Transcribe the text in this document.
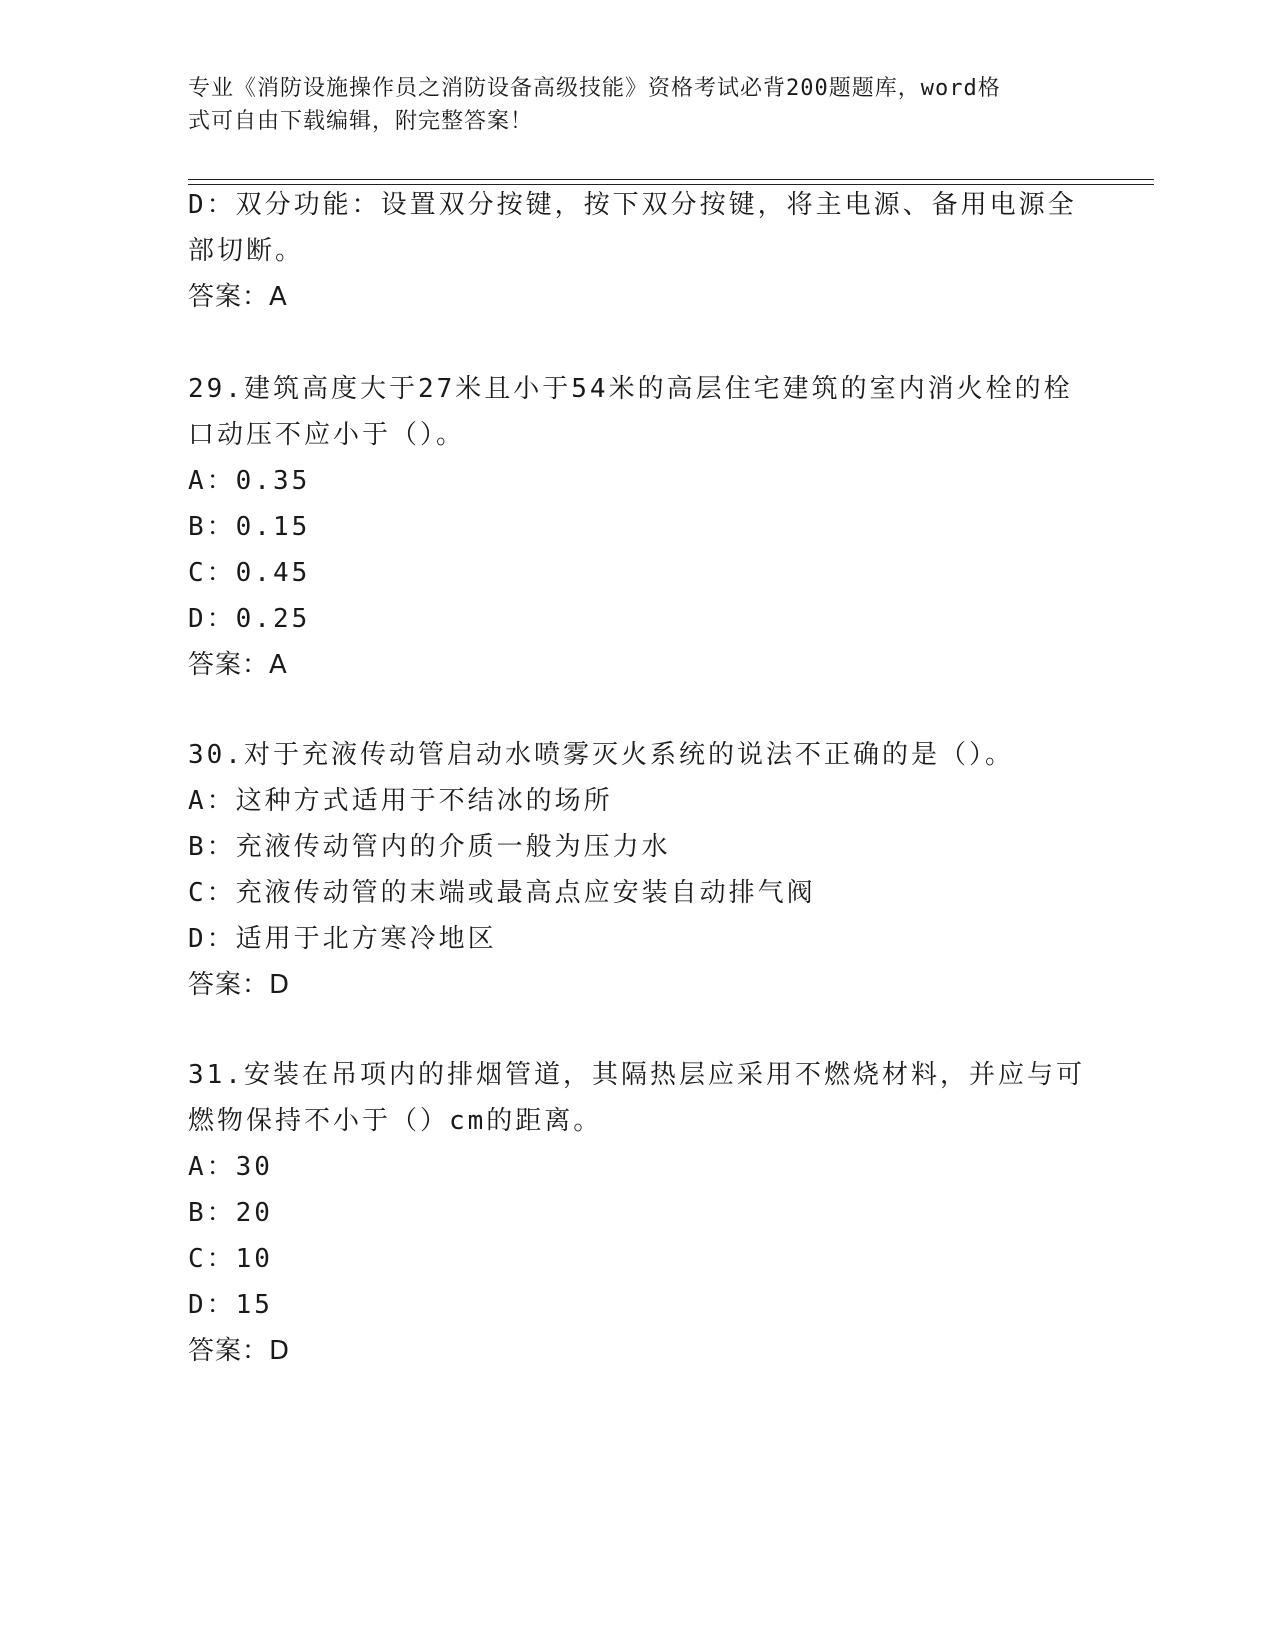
专业《消防设施操作员之消防设备高级技能》资格考试必背200题题库，word格
式可自由下载编辑，附完整答案！
D：双分功能：设置双分按键，按下双分按键，将主电源、备用电源全
部切断。
答案：A
29.建筑高度大于27米且小于54米的高层住宅建筑的室内消火栓的栓
口动压不应小于（）。
A：0.35
B：0.15
C：0.45
D：0.25
答案：A
30.对于充液传动管启动水喷雾灭火系统的说法不正确的是（）。
A：这种方式适用于不结冰的场所
B：充液传动管内的介质一般为压力水
C：充液传动管的末端或最高点应安装自动排气阀
D：适用于北方寒冷地区
答案：D
31.安装在吊项内的排烟管道，其隔热层应采用不燃烧材料，并应与可
燃物保持不小于（）cm的距离。
A：30
B：20
C：10
D：15
答案：D
